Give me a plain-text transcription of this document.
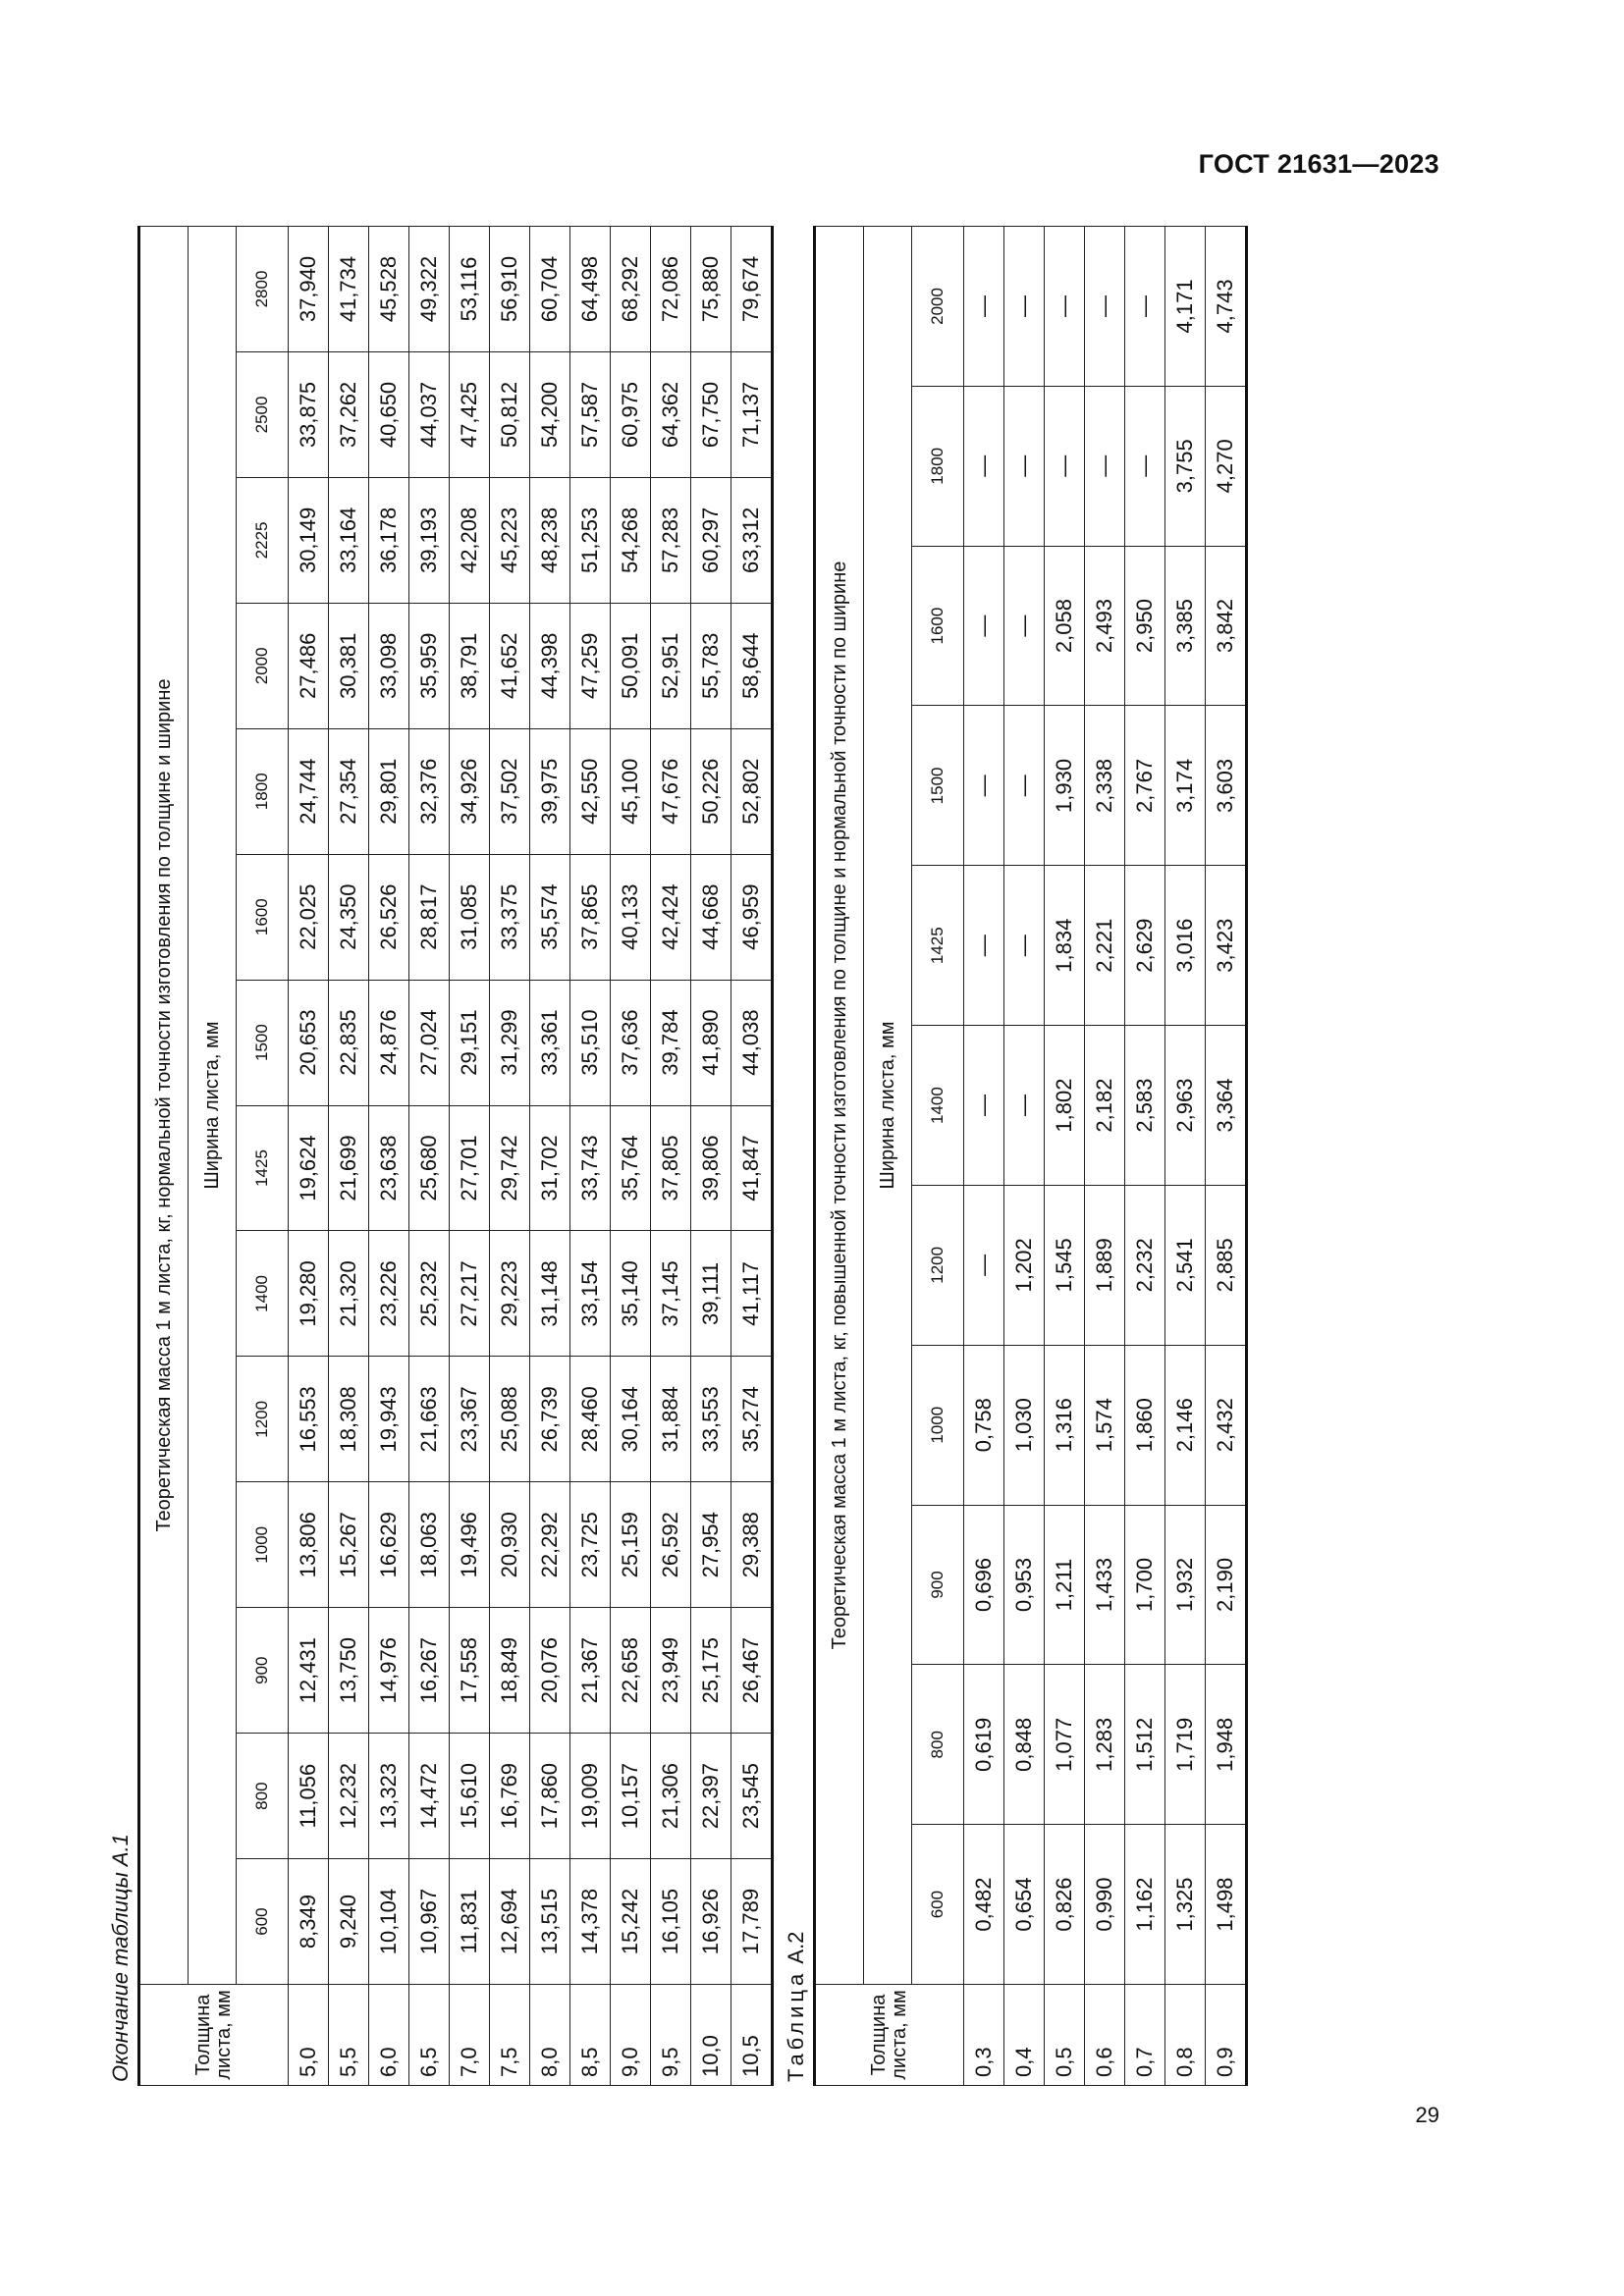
ГОСТ 21631—2023
Окончание таблицы А.1	Толщина листа, мм	Теоретическая масса 1 м листа, кг, нормальной точности изготовления по толщине и ширине													
	Ширина листа, мм													
	600	800	900	1000	1200	1400	1425	1500	1600	1800	2000	2225	2500	2800
5,0	8,349	11,056	12,431	13,806	16,553	19,280	19,624	20,653	22,025	24,744	27,486	30,149	33,875	37,940
5,5	9,240	12,232	13,750	15,267	18,308	21,320	21,699	22,835	24,350	27,354	30,381	33,164	37,262	41,734
6,0	10,104	13,323	14,976	16,629	19,943	23,226	23,638	24,876	26,526	29,801	33,098	36,178	40,650	45,528
6,5	10,967	14,472	16,267	18,063	21,663	25,232	25,680	27,024	28,817	32,376	35,959	39,193	44,037	49,322
7,0	11,831	15,610	17,558	19,496	23,367	27,217	27,701	29,151	31,085	34,926	38,791	42,208	47,425	53,116
7,5	12,694	16,769	18,849	20,930	25,088	29,223	29,742	31,299	33,375	37,502	41,652	45,223	50,812	56,910
8,0	13,515	17,860	20,076	22,292	26,739	31,148	31,702	33,361	35,574	39,975	44,398	48,238	54,200	60,704
8,5	14,378	19,009	21,367	23,725	28,460	33,154	33,743	35,510	37,865	42,550	47,259	51,253	57,587	64,498
9,0	15,242	10,157	22,658	25,159	30,164	35,140	35,764	37,636	40,133	45,100	50,091	54,268	60,975	68,292
9,5	16,105	21,306	23,949	26,592	31,884	37,145	37,805	39,784	42,424	47,676	52,951	57,283	64,362	72,086
10,0	16,926	22,397	25,175	27,954	33,553	39,111	39,806	41,890	44,668	50,226	55,783	60,297	67,750	75,880
10,5	17,789	23,545	26,467	29,388	35,274	41,117	41,847	44,038	46,959	52,802	58,644	63,312	71,137	79,674
Таблица А.2
Толщина листа, мм	Теоретическая масса 1 м листа, кг, повышенной точности изготовления по толщине и нормальной точности по ширине										
	Ширина листа, мм										
	600	800	900	1000	1200	1400	1425	1500	1600	1800	2000
0,3	0,482	0,619	0,696	0,758	—	—	—	—	—	—	—
0,4	0,654	0,848	0,953	1,030	1,202	—	—	—	—	—	—
0,5	0,826	1,077	1,211	1,316	1,545	1,802	1,834	1,930	2,058	—	—
0,6	0,990	1,283	1,433	1,574	1,889	2,182	2,221	2,338	2,493	—	—
0,7	1,162	1,512	1,700	1,860	2,232	2,583	2,629	2,767	2,950	—	—
0,8	1,325	1,719	1,932	2,146	2,541	2,963	3,016	3,174	3,385	3,755	4,171
0,9	1,498	1,948	2,190	2,432	2,885	3,364	3,423	3,603	3,842	4,270	4,743
29
